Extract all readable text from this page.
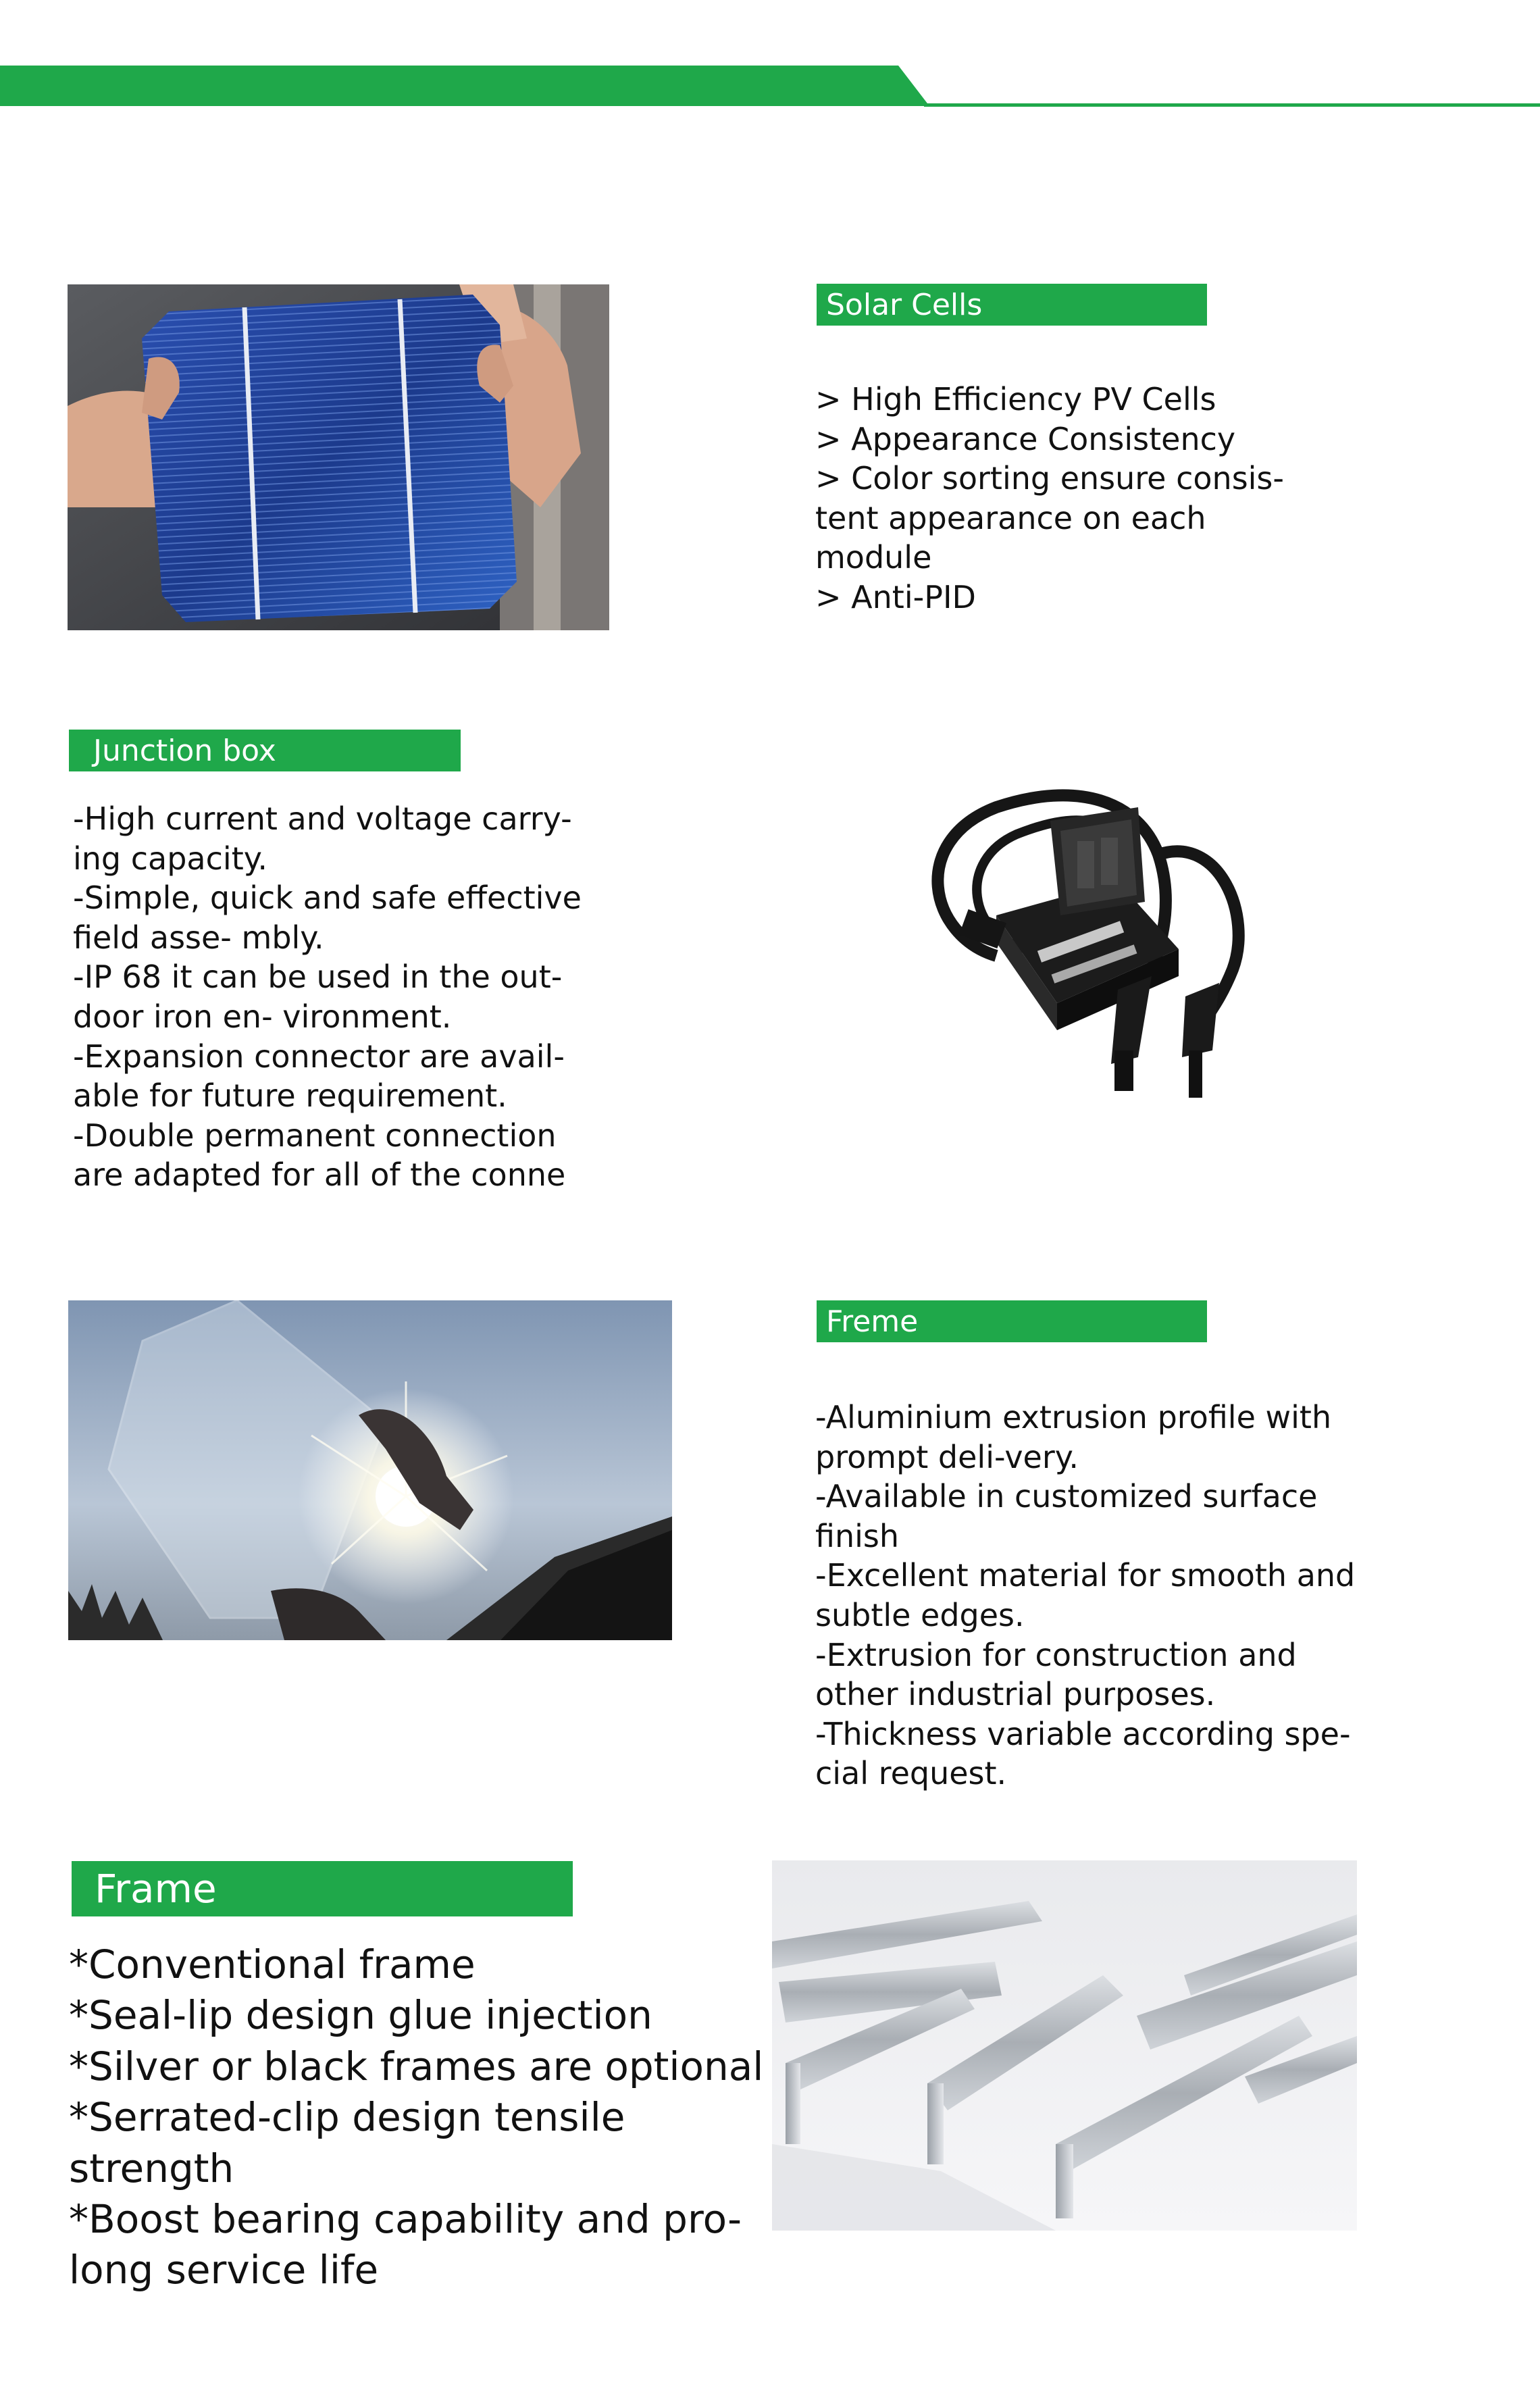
Solar Cells
> High Efficiency PV Cells
> Appearance Consistency
> Color sorting ensure consis-
tent appearance on each
module
> Anti-PID
Junction box
-High current and voltage carry-
ing capacity.
-Simple, quick and safe effective
field asse- mbly.
-IP 68 it can be used in the out-
door iron en- vironment.
-Expansion connector are avail-
able for future requirement.
-Double permanent connection
are adapted for all of the conne
Freme
-Aluminium extrusion profile with
prompt deli-very.
-Available in customized surface
finish
-Excellent material for smooth and
subtle edges.
-Extrusion for construction and
other industrial purposes.
-Thickness variable according spe-
cial request.
Frame
*Conventional frame
*Seal-lip design glue injection
*Silver or black frames are optional
*Serrated-clip design tensile
strength
*Boost bearing capability and pro-
long service life
